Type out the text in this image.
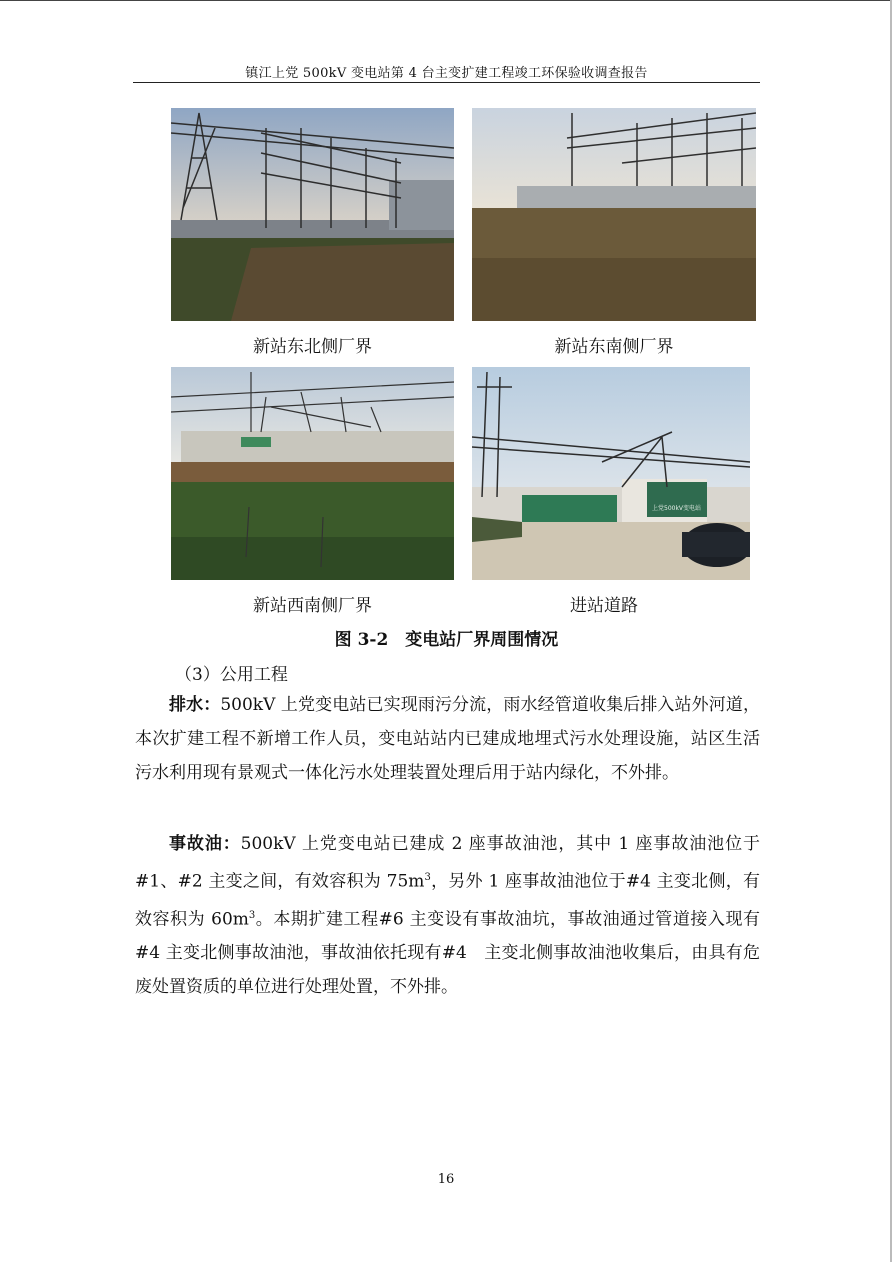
镇江上党 500kV 变电站第 4 台主变扩建工程竣工环保验收调查报告
新站东北侧厂界	新站东南侧厂界
上党500kV变电站
新站西南侧厂界	进站道路
图 3-2　变电站厂界周围情况
（3）公用工程
排水：500kV 上党变电站已实现雨污分流，雨水经管道收集后排入站外河道，本次扩建工程不新增工作人员，变电站站内已建成地埋式污水处理设施，站区生活污水利用现有景观式一体化污水处理装置处理后用于站内绿化，不外排。
事故油：500kV 上党变电站已建成 2 座事故油池，其中 1 座事故油池位于#1、#2 主变之间，有效容积为 $75m^3$，另外 1 座事故油池位于#4 主变北侧，有效容积为 $60m^3$。本期扩建工程#6 主变设有事故油坑，事故油通过管道接入现有#4 主变北侧事故油池，事故油依托现有#4　主变北侧事故油池收集后，由具有危废处置资质的单位进行处理处置，不外排。
16
